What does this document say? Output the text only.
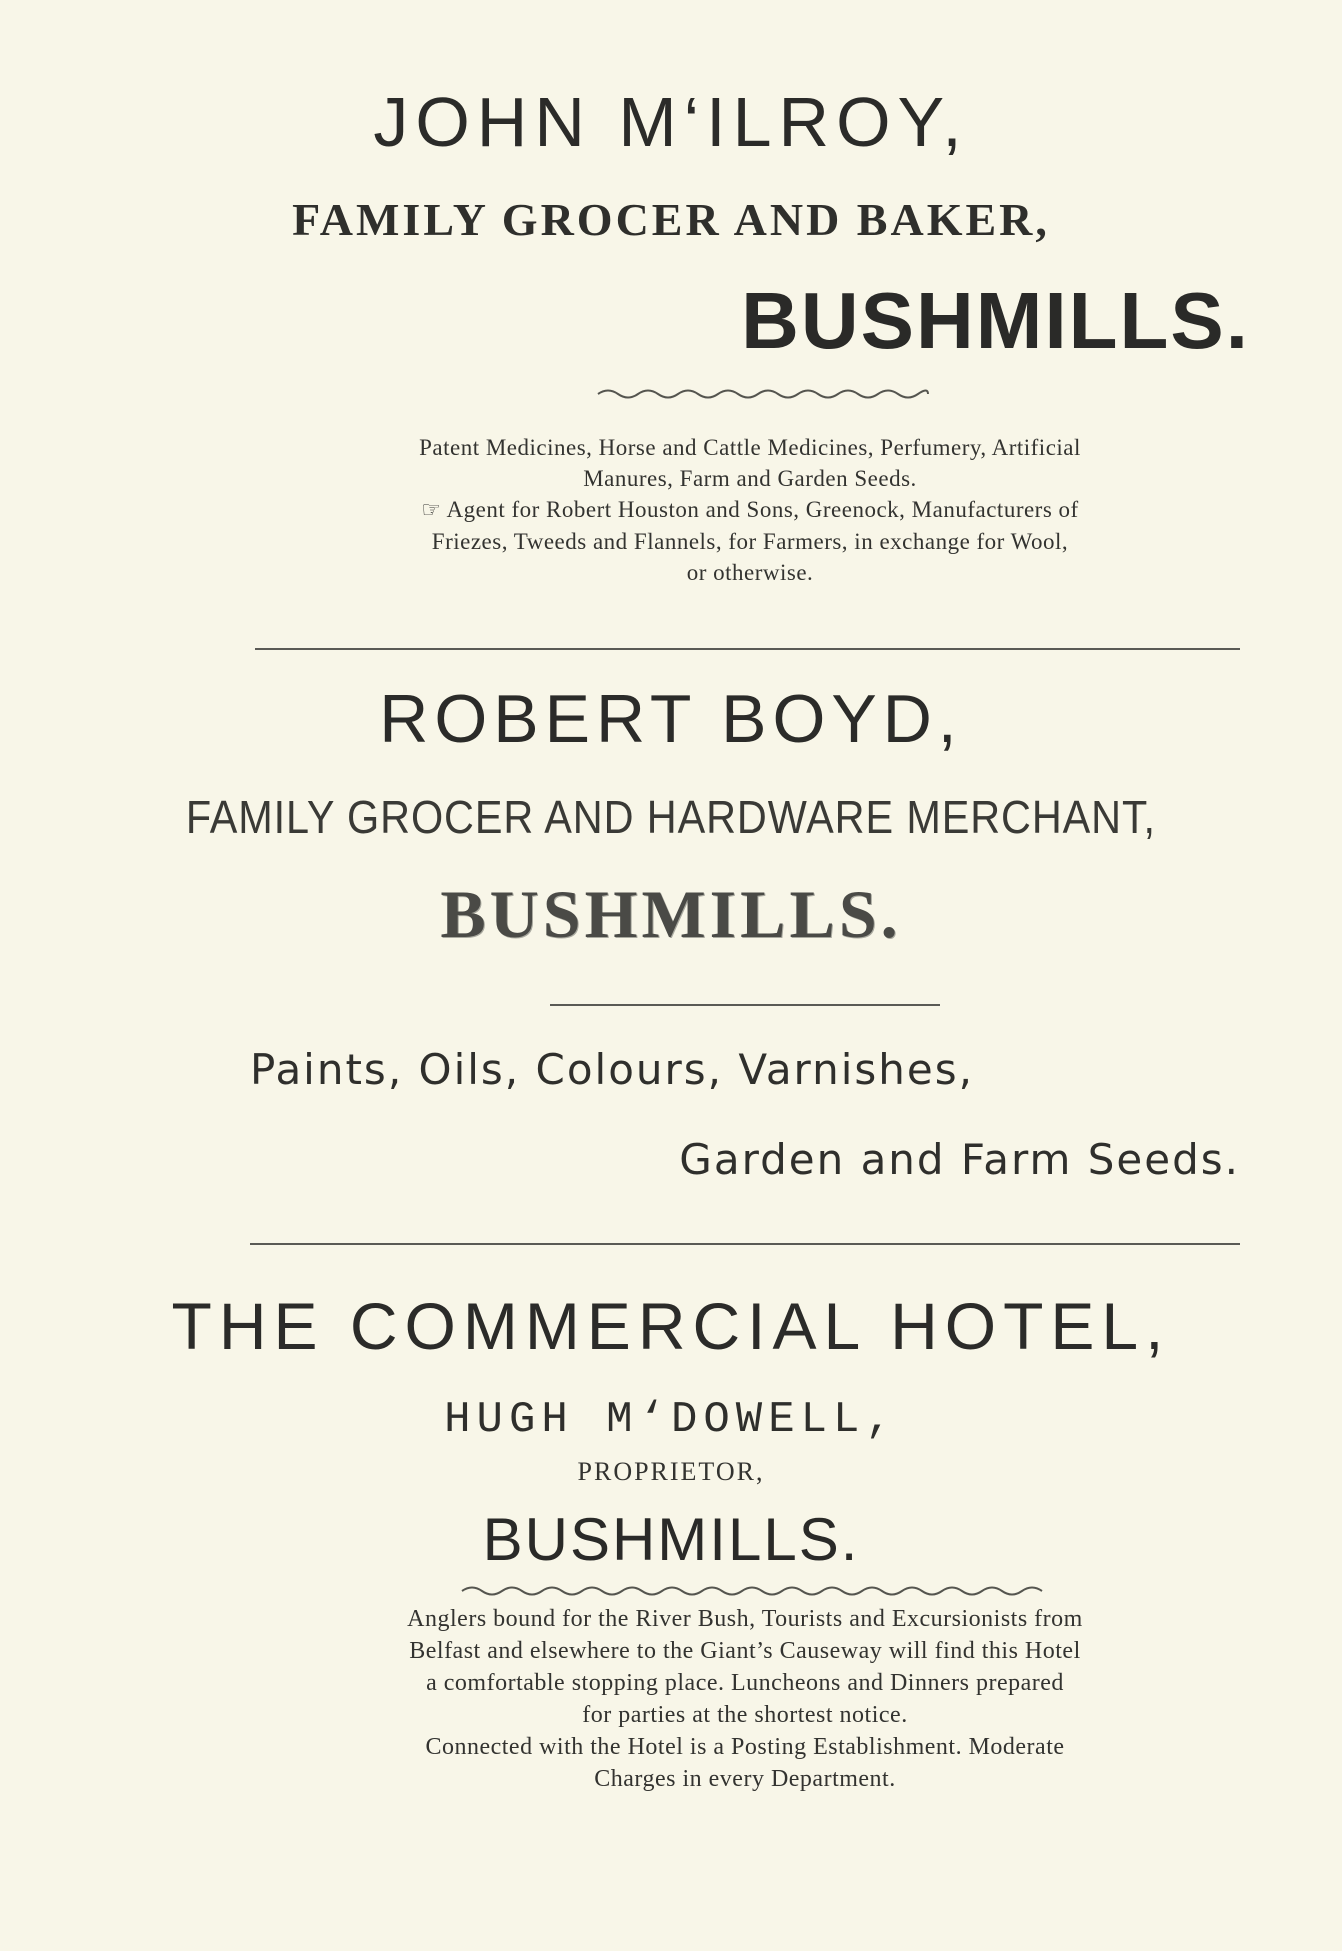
JOHN M‘ILROY,
FAMILY GROCER AND BAKER,
BUSHMILLS.
Patent Medicines, Horse and Cattle Medicines, Perfumery, Artificial
Manures, Farm and Garden Seeds.
☞ Agent for Robert Houston and Sons, Greenock, Manufacturers of
Friezes, Tweeds and Flannels, for Farmers, in exchange for Wool,
or otherwise.
ROBERT BOYD,
FAMILY GROCER AND HARDWARE MERCHANT,
BUSHMILLS.
Paints, Oils, Colours, Varnishes,
Garden and Farm Seeds.
THE COMMERCIAL HOTEL,
HUGH M‘DOWELL,
PROPRIETOR,
BUSHMILLS.
Anglers bound for the River Bush, Tourists and Excursionists from
Belfast and elsewhere to the Giant’s Causeway will find this Hotel
a comfortable stopping place. Luncheons and Dinners prepared
for parties at the shortest notice.
Connected with the Hotel is a Posting Establishment. Moderate
Charges in every Department.
